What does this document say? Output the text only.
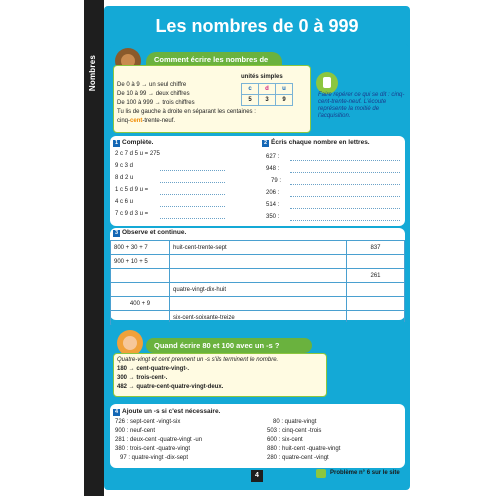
Nombres
Les nombres de 0 à 999
Comment écrire les nombres de
De 0 à 9 → un seul chiffre
De 10 à 99 → deux chiffres
De 100 à 999 → trois chiffres
Tu lis de gauche à droite en séparant les centaines :
cinq-cent-trente-neuf.
unités simples
c	d	u
5	3	9
Faire repérer ce qui se dit : cinq-cent-trente-neuf. L'écoute représente la moitié de l'acquisition.
1 Complète.
2 c 7 d 5 u = 275
9 c 3 d
8 d 2 u
1 c 5 d 9 u =
4 c 6 u
7 c 9 d 3 u =
2 Écris chaque nombre en lettres.
627 :
948 :
79 :
206 :
514 :
350 :
3 Observe et continue.
800 + 30 + 7	huit-cent-trente-sept	837
900 + 10 + 5		
		261
	quatre-vingt-dix-huit	
400 + 9		
	six-cent-soixante-treize	
Quand écrire 80 et 100 avec un -s ?
Quatre-vingt et cent prennent un -s s'ils terminent le nombre.
180 → cent-quatre-vingt-.
300 → trois-cent-.
482 → quatre-cent-quatre-vingt-deux.
4 Ajoute un -s si c'est nécessaire.
726 : sept-cent -vingt-six
900 : neuf-cent
281 : deux-cent -quatre-vingt -un
380 : trois-cent -quatre-vingt
97 : quatre-vingt -dix-sept
80 : quatre-vingt
503 : cinq-cent -trois
600 : six-cent
880 : huit-cent -quatre-vingt
280 : quatre-cent -vingt
4	Problème n° 6 sur le site
